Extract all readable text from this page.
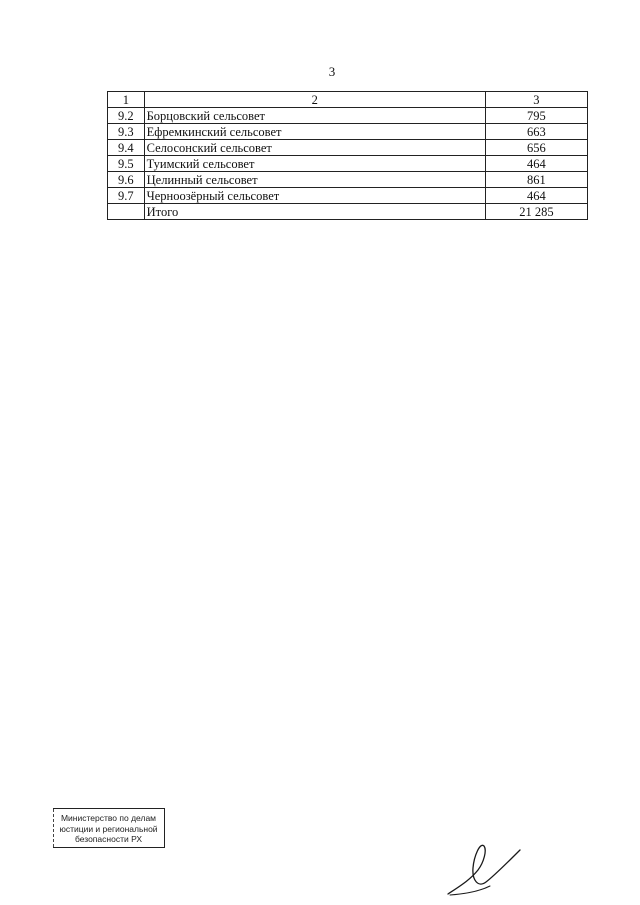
3
1	2	3
9.2	Борцовский сельсовет	795
9.3	Ефремкинский сельсовет	663
9.4	Селосонский сельсовет	656
9.5	Туимский сельсовет	464
9.6	Целинный сельсовет	861
9.7	Черноозёрный сельсовет	464
	Итого	21 285
Министерство по делам
юстиции и региональной
безопасности РХ
